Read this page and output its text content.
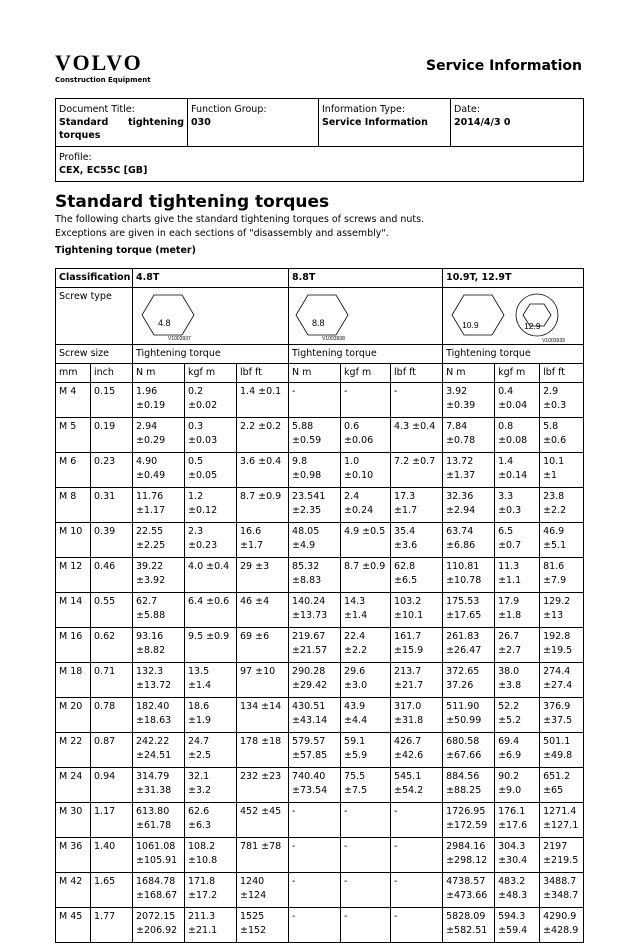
VOLVO
Construction Equipment
Service Information
Document Title:
Standard tightening
torques

Function Group:
030

Information Type:
Service Information

Date:
2014/4/3 0

Profile:
CEX, EC55C [GB]
Standard tightening torques
The following charts give the standard tightening torques of screws and nuts.
Exceptions are given in each sections of "disassembly and assembly".
Tightening torque (meter)
Classification		4.8T			8.8T			10.9T, 12.9T		
Screw type		4.8
V1003937			8.8
V1003938			10.9 12.9
V1003939		

Screw size		Tightening torque			Tightening torque			Tightening torque		
mm	inch	N m	kgf m	lbf ft	N m	kgf m	lbf ft	N m	kgf m	lbf ft
M 4	0.15	1.96 ±0.19	0.2 ±0.02	1.4 ±0.1	-	-	-	3.92 ±0.39	0.4 ±0.04	2.9 ±0.3
M 5	0.19	2.94 ±0.29	0.3 ±0.03	2.2 ±0.2	5.88 ±0.59	0.6 ±0.06	4.3 ±0.4	7.84 ±0.78	0.8 ±0.08	5.8 ±0.6
M 6	0.23	4.90 ±0.49	0.5 ±0.05	3.6 ±0.4	9.8 ±0.98	1.0 ±0.10	7.2 ±0.7	13.72 ±1.37	1.4 ±0.14	10.1 ±1
M 8	0.31	11.76 ±1.17	1.2 ±0.12	8.7 ±0.9	23.541 ±2.35	2.4 ±0.24	17.3 ±1.7	32.36 ±2.94	3.3 ±0.3	23.8 ±2.2
M 10	0.39	22.55 ±2.25	2.3 ±0.23	16.6 ±1.7	48.05 ±4.9	4.9 ±0.5	35.4 ±3.6	63.74 ±6.86	6.5 ±0.7	46.9 ±5.1
M 12	0.46	39.22 ±3.92	4.0 ±0.4	29 ±3	85.32 ±8.83	8.7 ±0.9	62.8 ±6.5	110.81 ±10.78	11.3 ±1.1	81.6 ±7.9
M 14	0.55	62.7 ±5.88	6.4 ±0.6	46 ±4	140.24 ±13.73	14.3 ±1.4	103.2 ±10.1	175.53 ±17.65	17.9 ±1.8	129.2 ±13
M 16	0.62	93.16 ±8.82	9.5 ±0.9	69 ±6	219.67 ±21.57	22.4 ±2.2	161.7 ±15.9	261.83 ±26.47	26.7 ±2.7	192.8 ±19.5
M 18	0.71	132.3 ±13.72	13.5 ±1.4	97 ±10	290.28 ±29.42	29.6 ±3.0	213.7 ±21.7	372.65 37.26	38.0 ±3.8	274.4 ±27.4
M 20	0.78	182.40 ±18.63	18.6 ±1.9	134 ±14	430.51 ±43.14	43.9 ±4.4	317.0 ±31.8	511.90 ±50.99	52.2 ±5.2	376.9 ±37.5
M 22	0.87	242.22 ±24.51	24.7 ±2.5	178 ±18	579.57 ±57.85	59.1 ±5.9	426.7 ±42.6	680.58 ±67.66	69.4 ±6.9	501.1 ±49.8
M 24	0.94	314.79 ±31.38	32.1 ±3.2	232 ±23	740.40 ±73.54	75.5 ±7.5	545.1 ±54.2	884.56 ±88.25	90.2 ±9.0	651.2 ±65
M 30	1.17	613.80 ±61.78	62.6 ±6.3	452 ±45	-	-	-	1726.95 ±172.59	176.1 ±17.6	1271.4 ±127.1
M 36	1.40	1061.08 ±105.91	108.2 ±10.8	781 ±78	-	-	-	2984.16 ±298.12	304.3 ±30.4	2197 ±219.5
M 42	1.65	1684.78 ±168.67	171.8 ±17.2	1240 ±124	-	-	-	4738.57 ±473.66	483.2 ±48.3	3488.7 ±348.7
M 45	1.77	2072.15 ±206.92	211.3 ±21.1	1525 ±152	-	-	-	5828.09 ±582.51	594.3 ±59.4	4290.9 ±428.9
